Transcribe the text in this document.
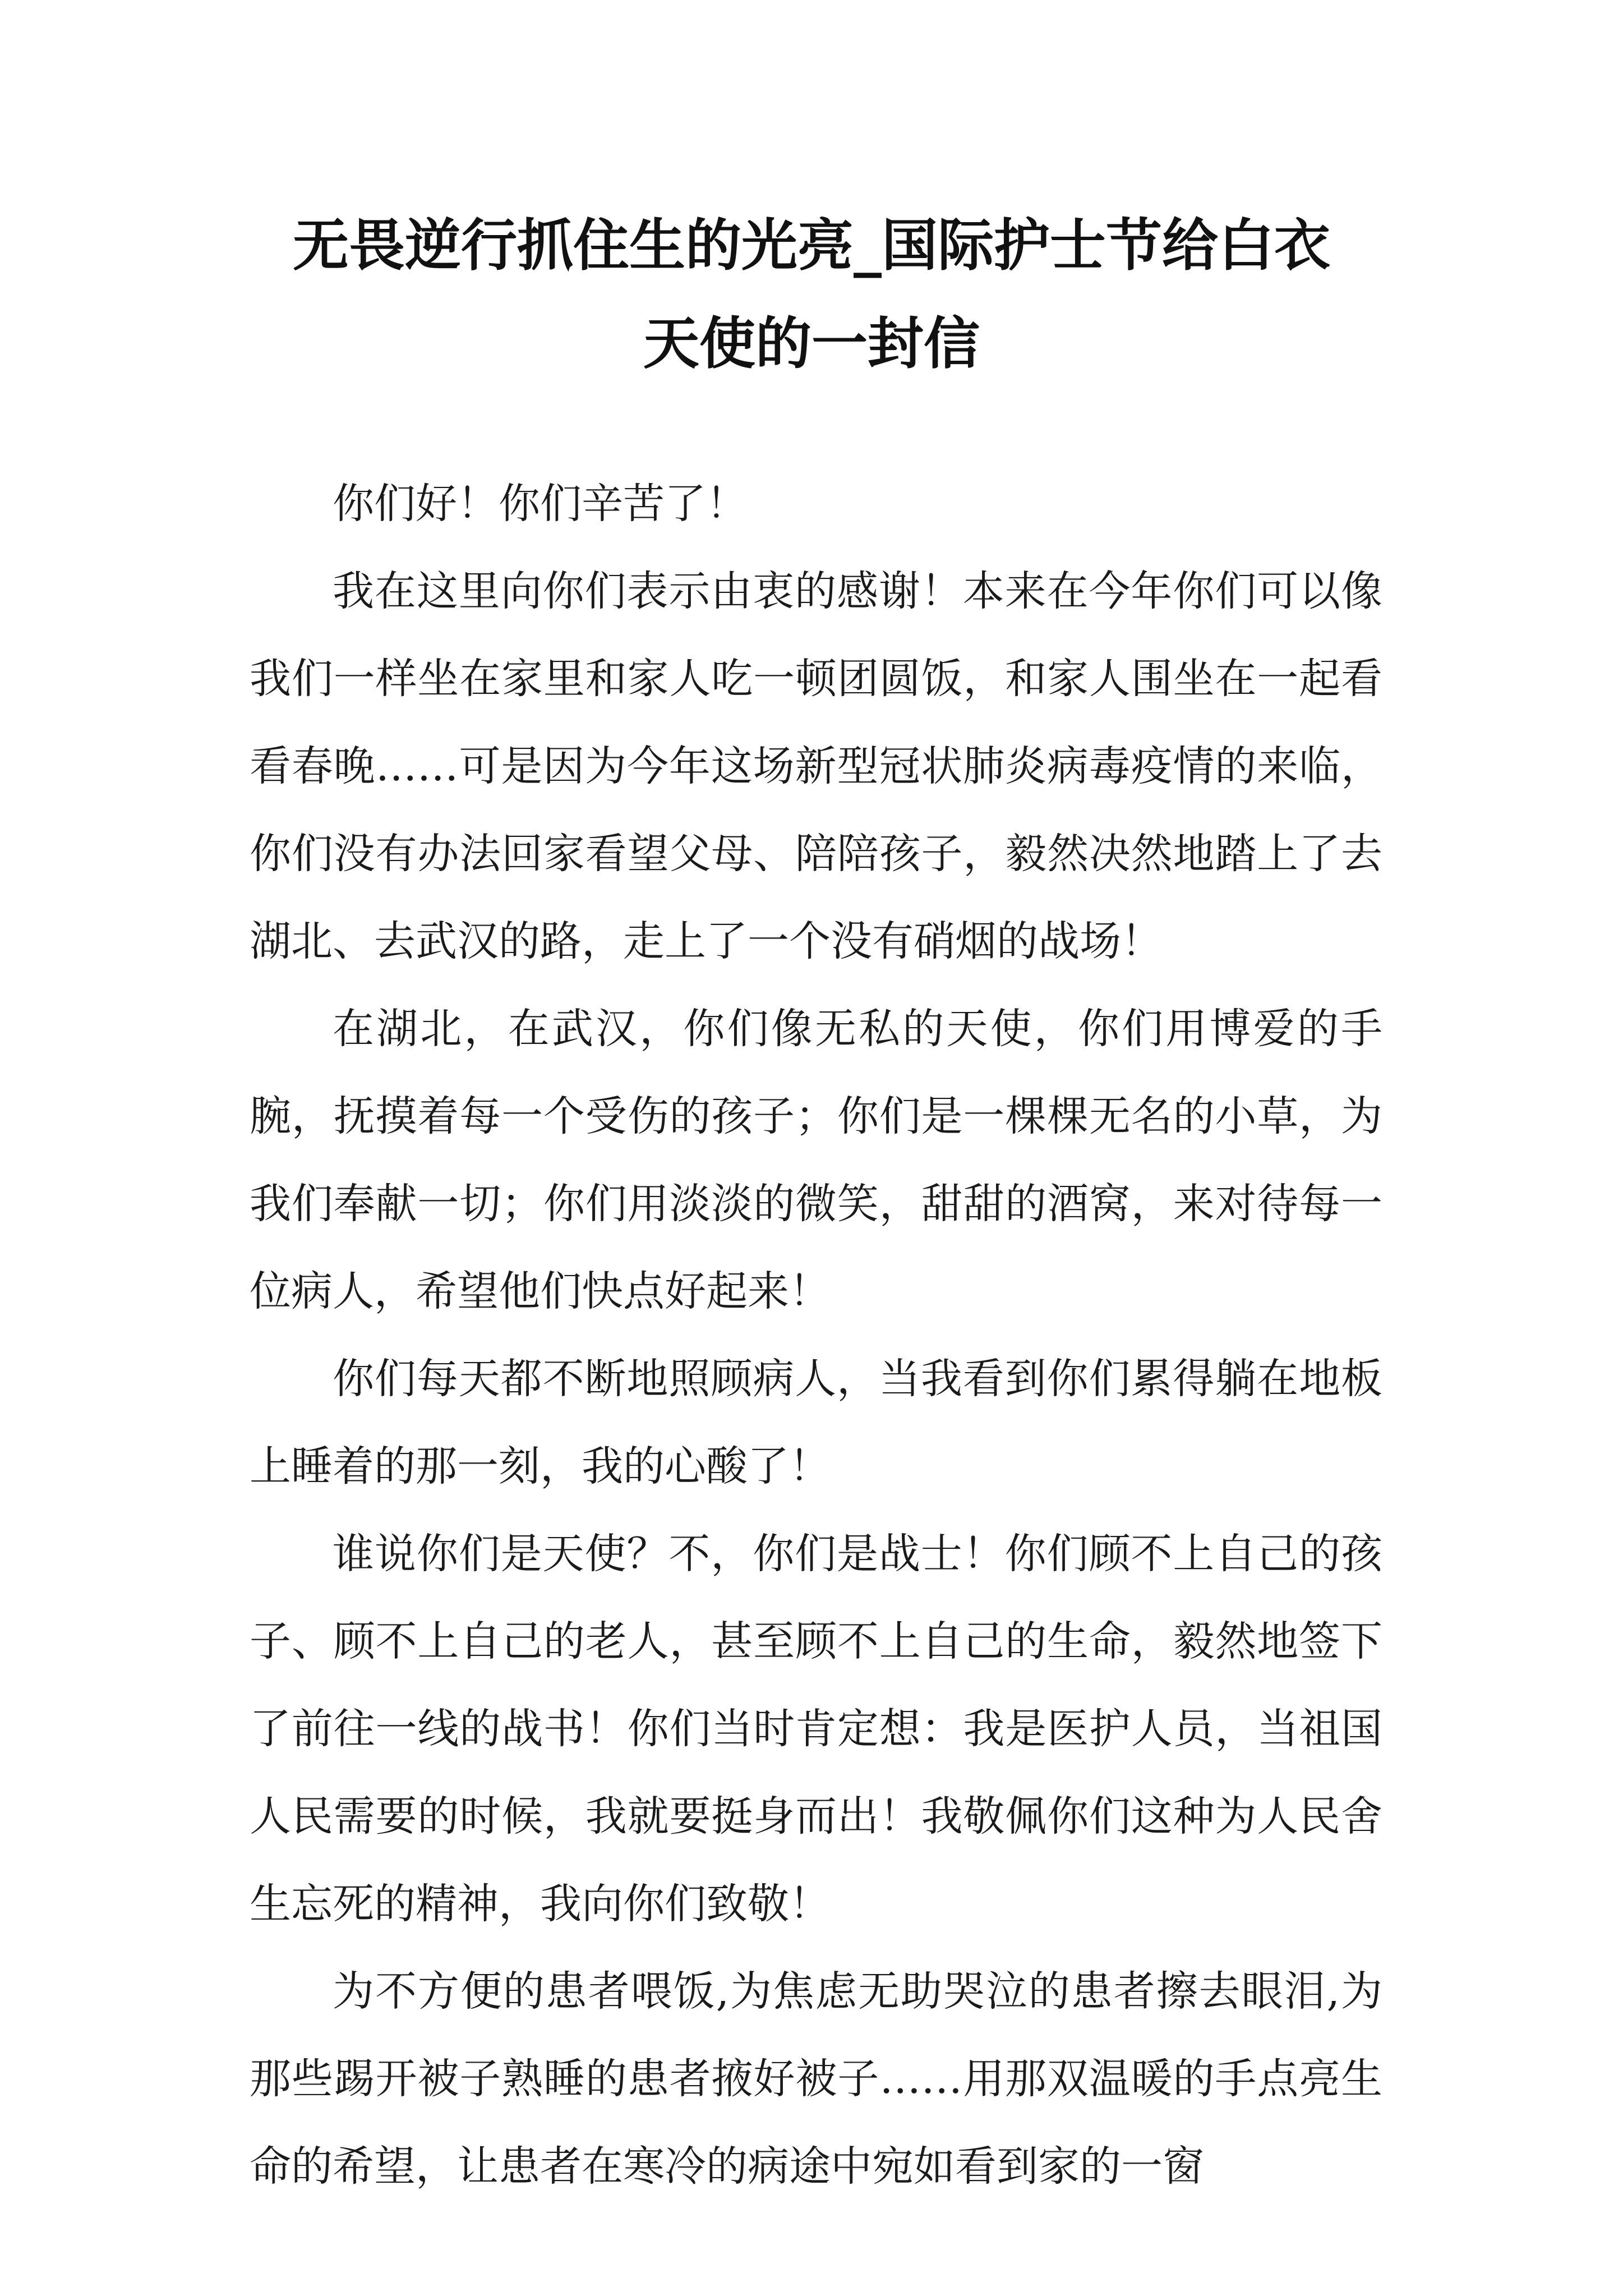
无畏逆行抓住生的光亮_国际护士节给白衣
天使的一封信

你们好！你们辛苦了！

我在这里向你们表示由衷的感谢！本来在今年你们可以像我们一样坐在家里和家人吃一顿团圆饭，和家人围坐在一起看看春晚……可是因为今年这场新型冠状肺炎病毒疫情的来临，你们没有办法回家看望父母、陪陪孩子，毅然决然地踏上了去湖北、去武汉的路，走上了一个没有硝烟的战场！

在湖北，在武汉，你们像无私的天使，你们用博爱的手腕，抚摸着每一个受伤的孩子；你们是一棵棵无名的小草，为我们奉献一切；你们用淡淡的微笑，甜甜的酒窝，来对待每一位病人，希望他们快点好起来！

你们每天都不断地照顾病人，当我看到你们累得躺在地板上睡着的那一刻，我的心酸了！

谁说你们是天使？不，你们是战士！你们顾不上自己的孩子、顾不上自己的老人，甚至顾不上自己的生命，毅然地签下了前往一线的战书！你们当时肯定想：我是医护人员，当祖国人民需要的时候，我就要挺身而出！我敬佩你们这种为人民舍生忘死的精神，我向你们致敬！

为不方便的患者喂饭,为焦虑无助哭泣的患者擦去眼泪,为那些踢开被子熟睡的患者掖好被子……用那双温暖的手点亮生命的希望，让患者在寒冷的病途中宛如看到家的一窗
